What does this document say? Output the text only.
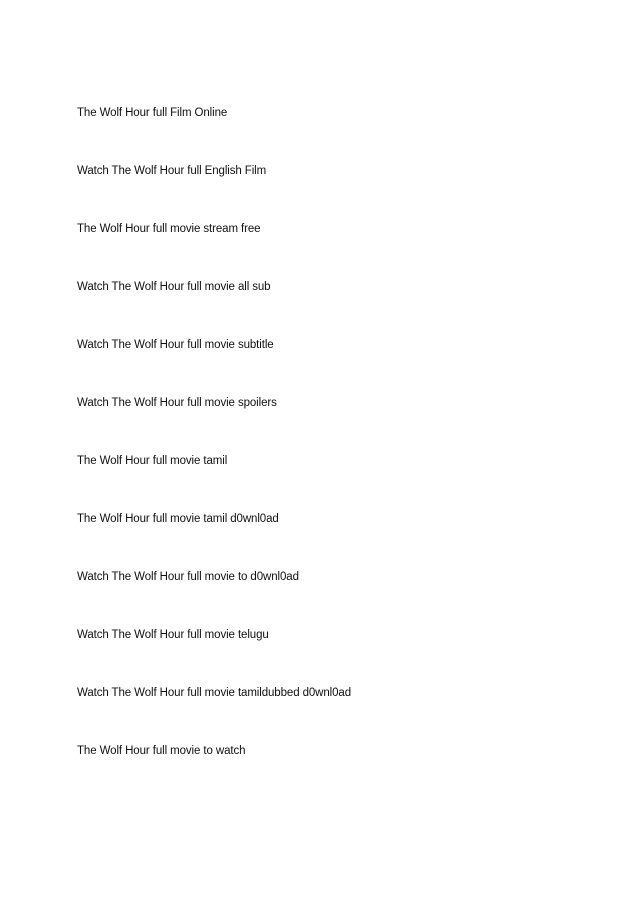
The Wolf Hour full Film Online
Watch The Wolf Hour full English Film
The Wolf Hour full movie stream free
Watch The Wolf Hour full movie all sub
Watch The Wolf Hour full movie subtitle
Watch The Wolf Hour full movie spoilers
The Wolf Hour full movie tamil
The Wolf Hour full movie tamil d0wnl0ad
Watch The Wolf Hour full movie to d0wnl0ad
Watch The Wolf Hour full movie telugu
Watch The Wolf Hour full movie tamildubbed d0wnl0ad
The Wolf Hour full movie to watch
